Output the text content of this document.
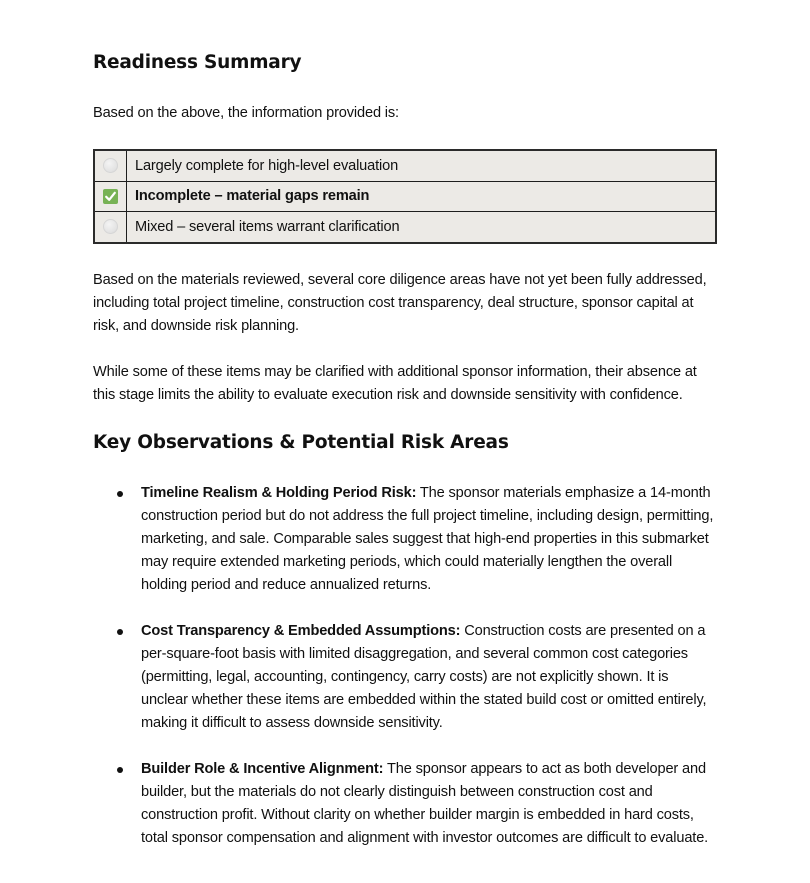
Readiness Summary

Based on the above, the information provided is:

	Largely complete for high-level evaluation

	Incomplete – material gaps remain
	Mixed – several items warrant clarification

Based on the materials reviewed, several core diligence areas have not yet been fully addressed, including total project timeline, construction cost transparency, deal structure, sponsor capital at risk, and downside risk planning.

While some of these items may be clarified with additional sponsor information, their absence at this stage limits the ability to evaluate execution risk and downside sensitivity with confidence.

Key Observations & Potential Risk Areas
Timeline Realism & Holding Period Risk: The sponsor materials emphasize a 14-month construction period but do not address the full project timeline, including design, permitting, marketing, and sale. Comparable sales suggest that high-end properties in this submarket may require extended marketing periods, which could materially lengthen the overall holding period and reduce annualized returns.
Cost Transparency & Embedded Assumptions: Construction costs are presented on a per-square-foot basis with limited disaggregation, and several common cost categories (permitting, legal, accounting, contingency, carry costs) are not explicitly shown. It is unclear whether these items are embedded within the stated build cost or omitted entirely, making it difficult to assess downside sensitivity.
Builder Role & Incentive Alignment: The sponsor appears to act as both developer and builder, but the materials do not clearly distinguish between construction cost and construction profit. Without clarity on whether builder margin is embedded in hard costs, total sponsor compensation and alignment with investor outcomes are difficult to evaluate.
